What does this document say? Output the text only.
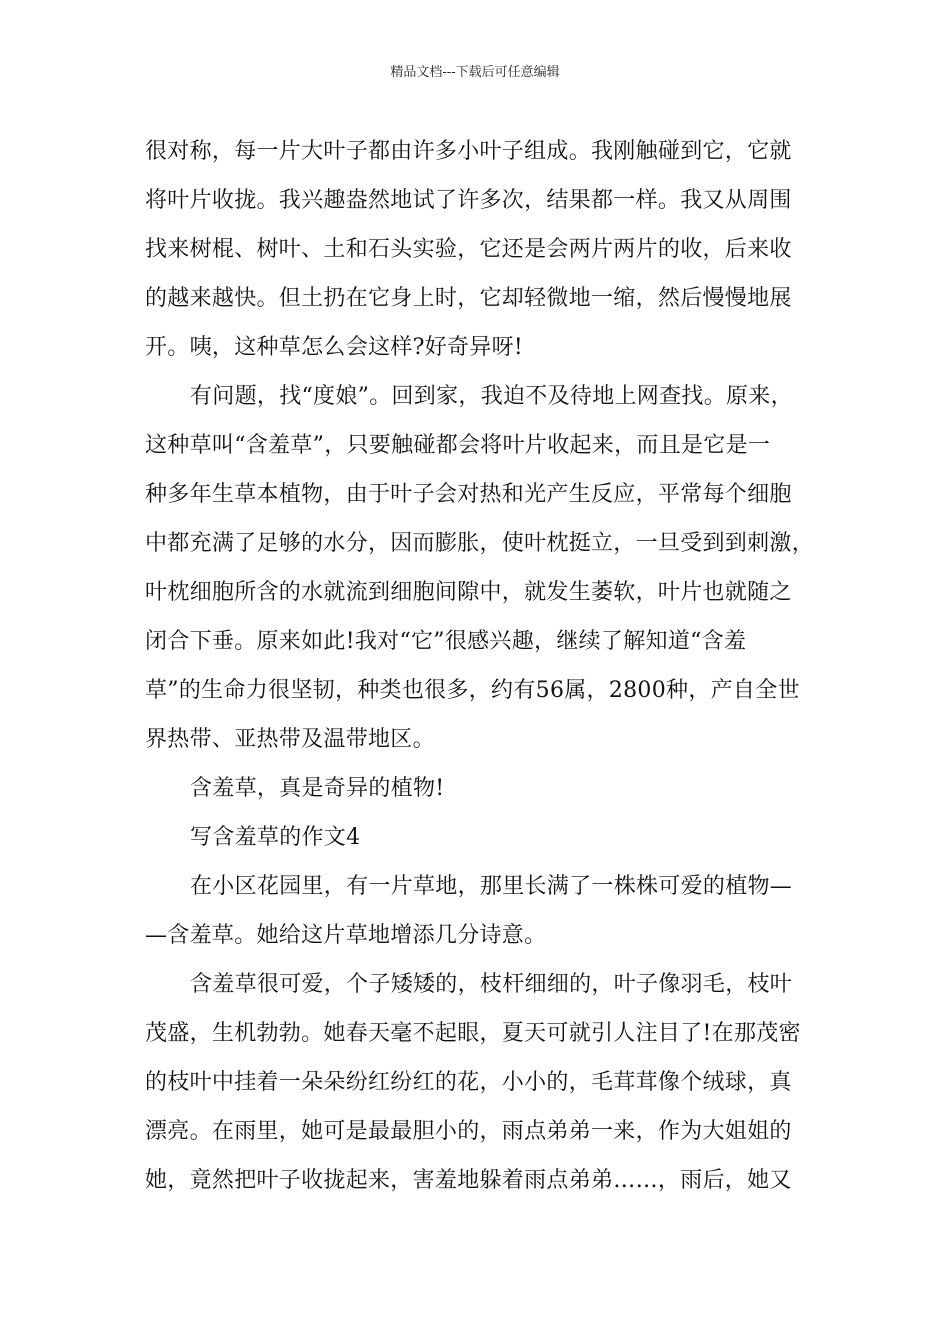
精品文档---下载后可任意编辑
很对称，每一片大叶子都由许多小叶子组成。我刚触碰到它，它就
将叶片收拢。我兴趣盎然地试了许多次，结果都一样。我又从周围
找来树棍、树叶、土和石头实验，它还是会两片两片的收，后来收
的越来越快。但土扔在它身上时，它却轻微地一缩，然后慢慢地展
开。咦，这种草怎么会这样?好奇异呀!
有问题，找“度娘”。回到家，我迫不及待地上网查找。原来，
这种草叫“含羞草”，只要触碰都会将叶片收起来，而且是它是一
种多年生草本植物，由于叶子会对热和光产生反应，平常每个细胞
中都充满了足够的水分，因而膨胀，使叶枕挺立，一旦受到到刺激，
叶枕细胞所含的水就流到细胞间隙中，就发生萎软，叶片也就随之
闭合下垂。原来如此!我对“它”很感兴趣，继续了解知道“含羞
草”的生命力很坚韧，种类也很多，约有56属，2800种，产自全世
界热带、亚热带及温带地区。
含羞草，真是奇异的植物!
写含羞草的作文4
在小区花园里，有一片草地，那里长满了一株株可爱的植物—
—含羞草。她给这片草地增添几分诗意。
含羞草很可爱，个子矮矮的，枝杆细细的，叶子像羽毛，枝叶
茂盛，生机勃勃。她春天毫不起眼，夏天可就引人注目了!在那茂密
的枝叶中挂着一朵朵纷红纷红的花，小小的，毛茸茸像个绒球，真
漂亮。在雨里，她可是最最胆小的，雨点弟弟一来，作为大姐姐的
她，竟然把叶子收拢起来，害羞地躲着雨点弟弟……，雨后，她又
